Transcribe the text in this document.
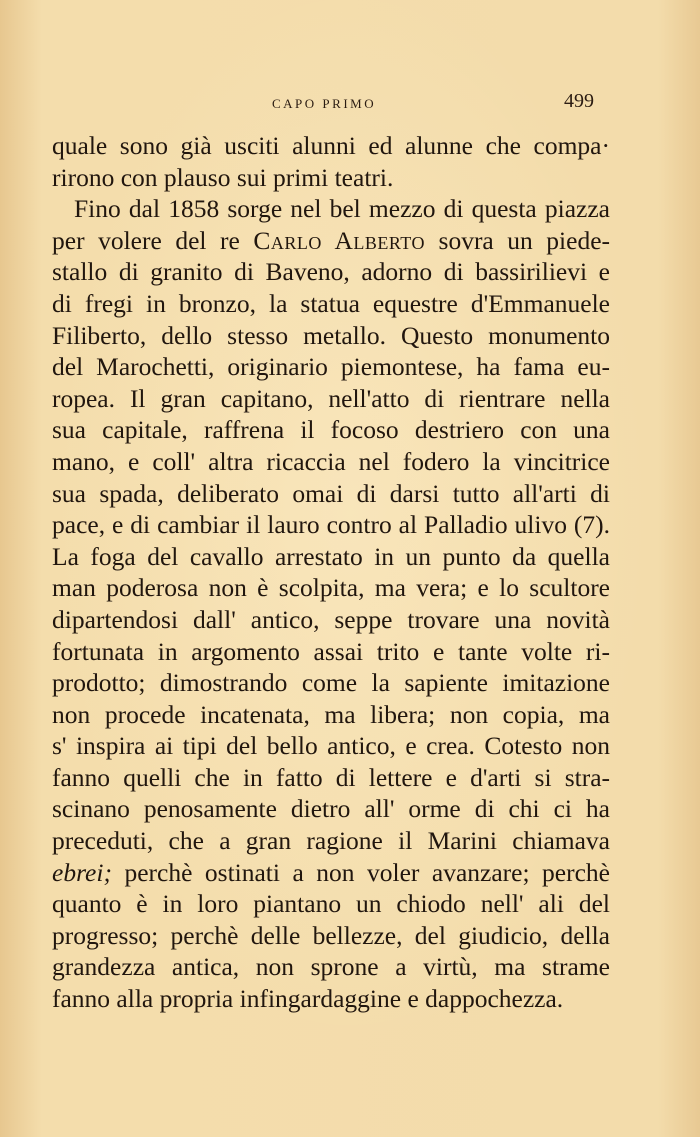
CAPO PRIMO	499
quale sono già usciti alunni ed alunne che compa·
rirono con plauso sui primi teatri.
Fino dal 1858 sorge nel bel mezzo di questa piazza
per volere del re Carlo Alberto sovra un piede-
stallo di granito di Baveno, adorno di bassirilievi e
di fregi in bronzo, la statua equestre d'Emmanuele
Filiberto, dello stesso metallo. Questo monumento
del Marochetti, originario piemontese, ha fama eu-
ropea. Il gran capitano, nell'atto di rientrare nella
sua capitale, raffrena il focoso destriero con una
mano, e coll' altra ricaccia nel fodero la vincitrice
sua spada, deliberato omai di darsi tutto all'arti di
pace, e di cambiar il lauro contro al Palladio ulivo (7).
La foga del cavallo arrestato in un punto da quella
man poderosa non è scolpita, ma vera; e lo scultore
dipartendosi dall' antico, seppe trovare una novità
fortunata in argomento assai trito e tante volte ri-
prodotto; dimostrando come la sapiente imitazione
non procede incatenata, ma libera; non copia, ma
s' inspira ai tipi del bello antico, e crea. Cotesto non
fanno quelli che in fatto di lettere e d'arti si stra-
scinano penosamente dietro all' orme di chi ci ha
preceduti, che a gran ragione il Marini chiamava
ebrei; perchè ostinati a non voler avanzare; perchè
quanto è in loro piantano un chiodo nell' ali del
progresso; perchè delle bellezze, del giudicio, della
grandezza antica, non sprone a virtù, ma strame
fanno alla propria infingardaggine e dappochezza.
